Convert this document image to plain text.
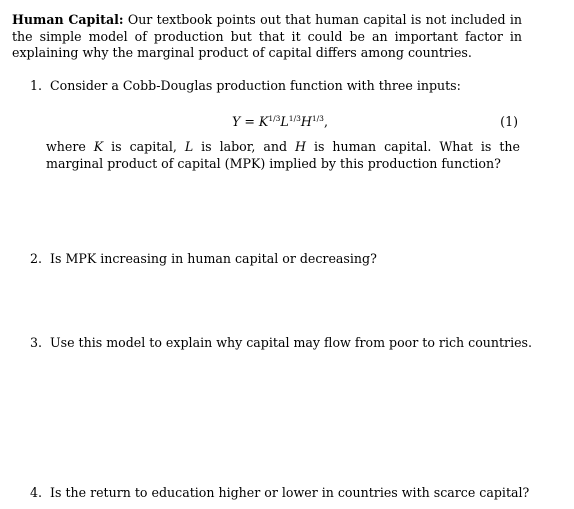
Human Capital: Our textbook points out that human capital is not included in the simple model of production but that it could be an important factor in explaining why the marginal product of capital differs among countries.

1. Consider a Cobb-Douglas production function with three inputs:
$Y = K^{1/3}L^{1/3}H^{1/3}$,	(1)

where K is capital, L is labor, and H is human capital. What is the marginal product of capital (MPK) implied by this production function?

2. Is MPK increasing in human capital or decreasing?
3. Use this model to explain why capital may flow from poor to rich countries.
4. Is the return to education higher or lower in countries with scarce capital?
